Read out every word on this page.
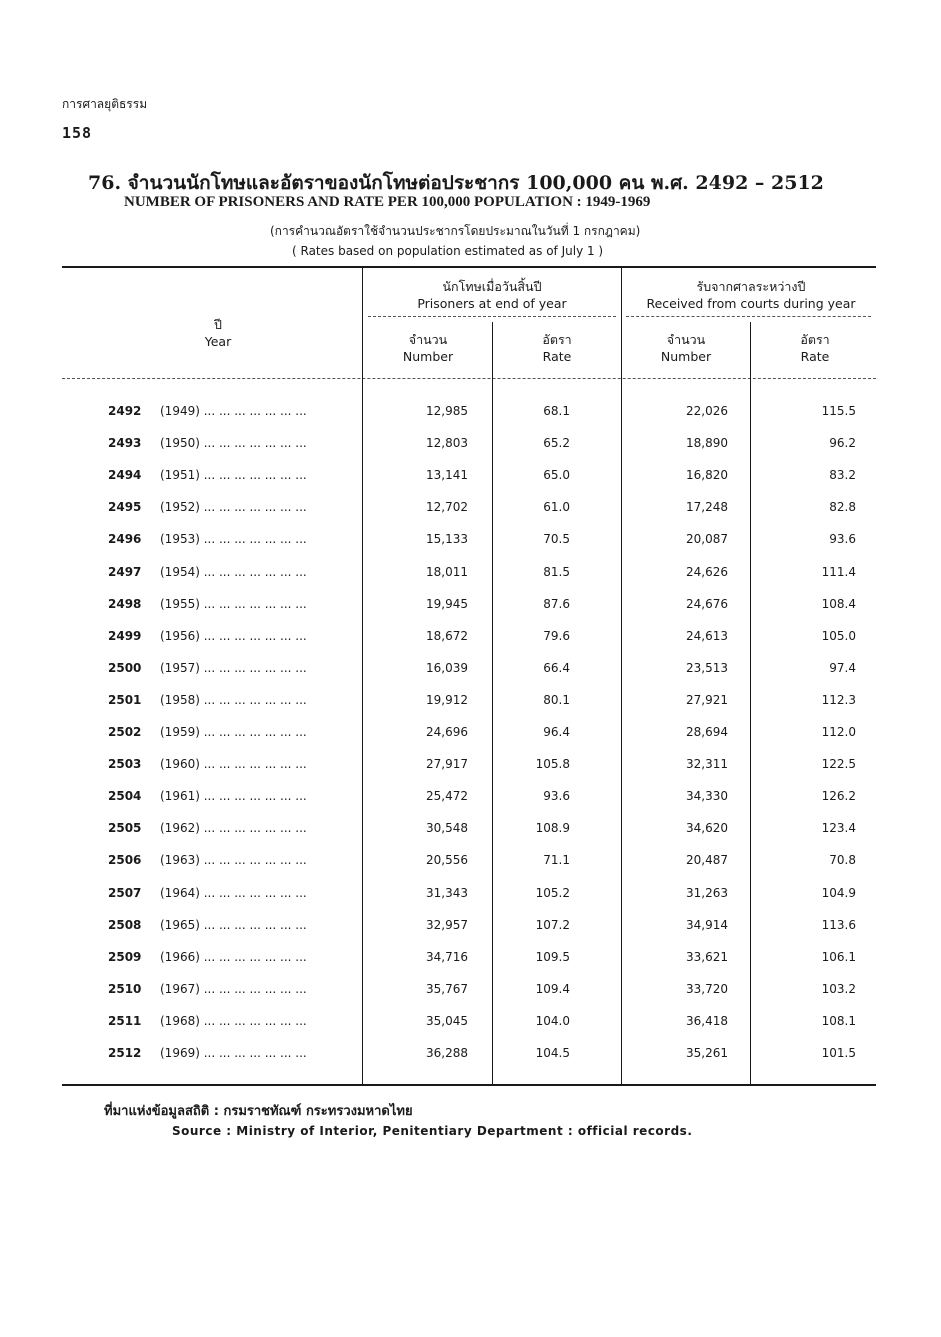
การศาลยุติธรรม
158
76. จำนวนนักโทษและอัตราของนักโทษต่อประชากร 100,000 คน พ.ศ. 2492 – 2512
NUMBER OF PRISONERS AND RATE PER 100,000 POPULATION : 1949-1969
(การคำนวณอัตราใช้จำนวนประชากรโดยประมาณในวันที่ 1 กรกฎาคม)
( Rates based on population estimated as of July 1 )
ปี
Year
นักโทษเมื่อวันสิ้นปี
Prisoners at end of year
รับจากศาลระหว่างปี
Received from courts during year
จำนวน
Number
อัตรา
Rate
จำนวน
Number
อัตรา
Rate
2492 (1949) ... ... ... ... ... ... ...	12,985	68.1	22,026	115.5
2493 (1950) ... ... ... ... ... ... ...	12,803	65.2	18,890	96.2
2494 (1951) ... ... ... ... ... ... ...	13,141	65.0	16,820	83.2
2495 (1952) ... ... ... ... ... ... ...	12,702	61.0	17,248	82.8
2496 (1953) ... ... ... ... ... ... ...	15,133	70.5	20,087	93.6
2497 (1954) ... ... ... ... ... ... ...	18,011	81.5	24,626	111.4
2498 (1955) ... ... ... ... ... ... ...	19,945	87.6	24,676	108.4
2499 (1956) ... ... ... ... ... ... ...	18,672	79.6	24,613	105.0
2500 (1957) ... ... ... ... ... ... ...	16,039	66.4	23,513	97.4
2501 (1958) ... ... ... ... ... ... ...	19,912	80.1	27,921	112.3
2502 (1959) ... ... ... ... ... ... ...	24,696	96.4	28,694	112.0
2503 (1960) ... ... ... ... ... ... ...	27,917	105.8	32,311	122.5
2504 (1961) ... ... ... ... ... ... ...	25,472	93.6	34,330	126.2
2505 (1962) ... ... ... ... ... ... ...	30,548	108.9	34,620	123.4
2506 (1963) ... ... ... ... ... ... ...	20,556	71.1	20,487	70.8
2507 (1964) ... ... ... ... ... ... ...	31,343	105.2	31,263	104.9
2508 (1965) ... ... ... ... ... ... ...	32,957	107.2	34,914	113.6
2509 (1966) ... ... ... ... ... ... ...	34,716	109.5	33,621	106.1
2510 (1967) ... ... ... ... ... ... ...	35,767	109.4	33,720	103.2
2511 (1968) ... ... ... ... ... ... ...	35,045	104.0	36,418	108.1
2512 (1969) ... ... ... ... ... ... ...	36,288	104.5	35,261	101.5
ที่มาแห่งข้อมูลสถิติ : กรมราชทัณฑ์ กระทรวงมหาดไทย
Source : Ministry of Interior, Penitentiary Department : official records.
